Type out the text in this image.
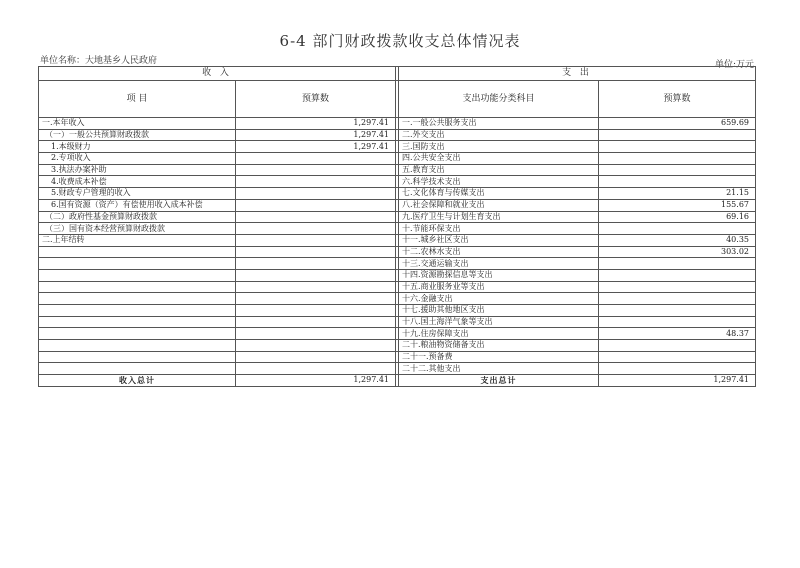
6-4 部门财政拨款收支总体情况表
单位名称：大地基乡人民政府	单位:万元
收 入			支 出	
项 目	预算数		支出功能分类科目	预算数
一.本年收入	1,297.41		一.一般公共服务支出	659.69
（一）一般公共预算财政拨款	1,297.41		二.外交支出	
1.本级财力	1,297.41		三.国防支出	
2.专项收入			四.公共安全支出	
3.执法办案补助			五.教育支出	
4.收费成本补偿			六.科学技术支出	
5.财政专户管理的收入			七.文化体育与传媒支出	21.15
6.国有资源（资产）有偿使用收入成本补偿			八.社会保障和就业支出	155.67
（二）政府性基金预算财政拨款			九.医疗卫生与计划生育支出	69.16
（三）国有资本经营预算财政拨款			十.节能环保支出	
二.上年结转			十一.城乡社区支出	40.35
			十二.农林水支出	303.02
			十三.交通运输支出	
			十四.资源勘探信息等支出	
			十五.商业服务业等支出	
			十六.金融支出	
			十七.援助其他地区支出	
			十八.国土海洋气象等支出	
			十九.住房保障支出	48.37
			二十.粮油物资储备支出	
			二十一.预备费	
			二十二.其他支出	
收入总计	1,297.41		支出总计	1,297.41
